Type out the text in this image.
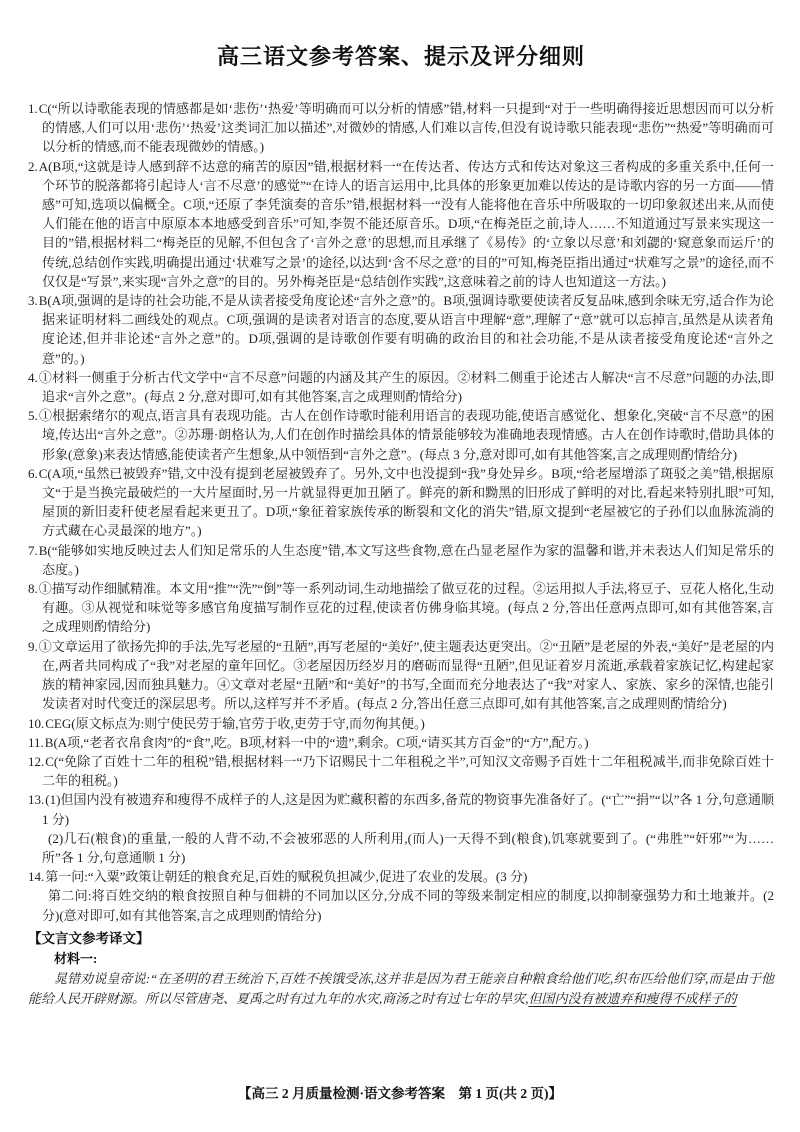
高三语文参考答案、提示及评分细则

1.C(“所以诗歌能表现的情感都是如‘悲伤’‘热爱’等明确而可以分析的情感”错,材料一只提到“对于一些明确得接近思想因而可以分析的情感,人们可以用‘悲伤’‘热爱’这类词汇加以描述”,对微妙的情感,人们难以言传,但没有说诗歌只能表现“悲伤”“热爱”等明确而可以分析的情感,而不能表现微妙的情感。)

2.A(B项,“这就是诗人感到辞不达意的痛苦的原因”错,根据材料一“在传达者、传达方式和传达对象这三者构成的多重关系中,任何一个环节的脱落都将引起诗人‘言不尽意’的感觉”“在诗人的语言运用中,比具体的形象更加难以传达的是诗歌内容的另一方面——情感”可知,选项以偏概全。C项,“还原了李凭演奏的音乐”错,根据材料一“没有人能将他在音乐中所吸取的一切印象叙述出来,从而使人们能在他的语言中原原本本地感受到音乐”可知,李贺不能还原音乐。D项,“在梅尧臣之前,诗人……不知道通过写景来实现这一目的”错,根据材料二“梅尧臣的见解,不但包含了‘言外之意’的思想,而且承继了《易传》的‘立象以尽意’和刘勰的‘窥意象而运斤’的传统,总结创作实践,明确提出通过‘状难写之景’的途径,以达到‘含不尽之意’的目的”可知,梅尧臣指出通过“状难写之景”的途径,而不仅仅是“写景”,来实现“言外之意”的目的。另外梅尧臣是“总结创作实践”,这意味着之前的诗人也知道这一方法。)

3.B(A项,强调的是诗的社会功能,不是从读者接受角度论述“言外之意”的。B项,强调诗歌要使读者反复品味,感到余味无穷,适合作为论据来证明材料二画线处的观点。C项,强调的是读者对语言的态度,要从语言中理解“意”,理解了“意”就可以忘掉言,虽然是从读者角度论述,但并非论述“言外之意”的。D项,强调的是诗歌创作要有明确的政治目的和社会功能,不是从读者接受角度论述“言外之意”的。)

4.①材料一侧重于分析古代文学中“言不尽意”问题的内涵及其产生的原因。②材料二侧重于论述古人解决“言不尽意”问题的办法,即追求“言外之意”。(每点 2 分,意对即可,如有其他答案,言之成理则酌情给分)

5.①根据索绪尔的观点,语言具有表现功能。古人在创作诗歌时能利用语言的表现功能,使语言感觉化、想象化,突破“言不尽意”的困境,传达出“言外之意”。②苏珊·朗格认为,人们在创作时描绘具体的情景能够较为准确地表现情感。古人在创作诗歌时,借助具体的形象(意象)来表达情感,能使读者产生想象,从中领悟到“言外之意”。(每点 3 分,意对即可,如有其他答案,言之成理则酌情给分)

6.C(A项,“虽然已被毁弃”错,文中没有提到老屋被毁弃了。另外,文中也没提到“我”身处异乡。B项,“给老屋增添了斑驳之美”错,根据原文“于是当换完最破烂的一大片屋面时,另一片就显得更加丑陋了。鲜亮的新和黝黑的旧形成了鲜明的对比,看起来特别扎眼”可知,屋顶的新旧麦秆使老屋看起来更丑了。D项,“象征着家族传承的断裂和文化的消失”错,原文提到“老屋被它的子孙们以血脉流淌的方式藏在心灵最深的地方”。)

7.B(“能够如实地反映过去人们知足常乐的人生态度”错,本文写这些食物,意在凸显老屋作为家的温馨和谐,并未表达人们知足常乐的态度。)

8.①描写动作细腻精准。本文用“推”“洗”“倒”等一系列动词,生动地描绘了做豆花的过程。②运用拟人手法,将豆子、豆花人格化,生动有趣。③从视觉和味觉等多感官角度描写制作豆花的过程,使读者仿佛身临其境。(每点 2 分,答出任意两点即可,如有其他答案,言之成理则酌情给分)

9.①文章运用了欲扬先抑的手法,先写老屋的“丑陋”,再写老屋的“美好”,使主题表达更突出。②“丑陋”是老屋的外表,“美好”是老屋的内在,两者共同构成了“我”对老屋的童年回忆。③老屋因历经岁月的磨砺而显得“丑陋”,但见证着岁月流逝,承载着家族记忆,构建起家族的精神家园,因而独具魅力。④文章对老屋“丑陋”和“美好”的书写,全面而充分地表达了“我”对家人、家族、家乡的深情,也能引发读者对时代变迁的深层思考。所以,这样写并不矛盾。(每点 2 分,答出任意三点即可,如有其他答案,言之成理则酌情给分)

10.CEG(原文标点为:则宁使民劳于输,官劳于收,吏劳于守,而勿徇其便。)

11.B(A项,“老者衣帛食肉”的“食”,吃。B项,材料一中的“遗”,剩余。C项,“请买其方百金”的“方”,配方。)

12.C(“免除了百姓十二年的租税”错,根据材料一“乃下诏赐民十二年租税之半”,可知汉文帝赐予百姓十二年租税减半,而非免除百姓十二年的租税。)

13.(1)但国内没有被遗弃和瘦得不成样子的人,这是因为贮藏积蓄的东西多,备荒的物资事先准备好了。(“亡”“捐”“以”各 1 分,句意通顺 1 分)

(2)几石(粮食)的重量,一般的人背不动,不会被邪恶的人所利用,(而人)一天得不到(粮食),饥寒就要到了。(“弗胜”“奸邪”“为……所”各 1 分,句意通顺 1 分)

14.第一问:“入粟”政策让朝廷的粮食充足,百姓的赋税负担减少,促进了农业的发展。(3 分)

第二问:将百姓交纳的粮食按照自种与佃耕的不同加以区分,分成不同的等级来制定相应的制度,以抑制豪强势力和土地兼并。(2 分)(意对即可,如有其他答案,言之成理则酌情给分)

【文言文参考译文】
材料一:

晁错劝说皇帝说:“在圣明的君王统治下,百姓不挨饿受冻,这并非是因为君王能亲自种粮食给他们吃,织布匹给他们穿,而是由于他能给人民开辟财源。所以尽管唐尧、夏禹之时有过九年的水灾,商汤之时有过七年的旱灾,但国内没有被遗弃和瘦得不成样子的

【高三 2 月质量检测·语文参考答案　第 1 页(共 2 页)】
